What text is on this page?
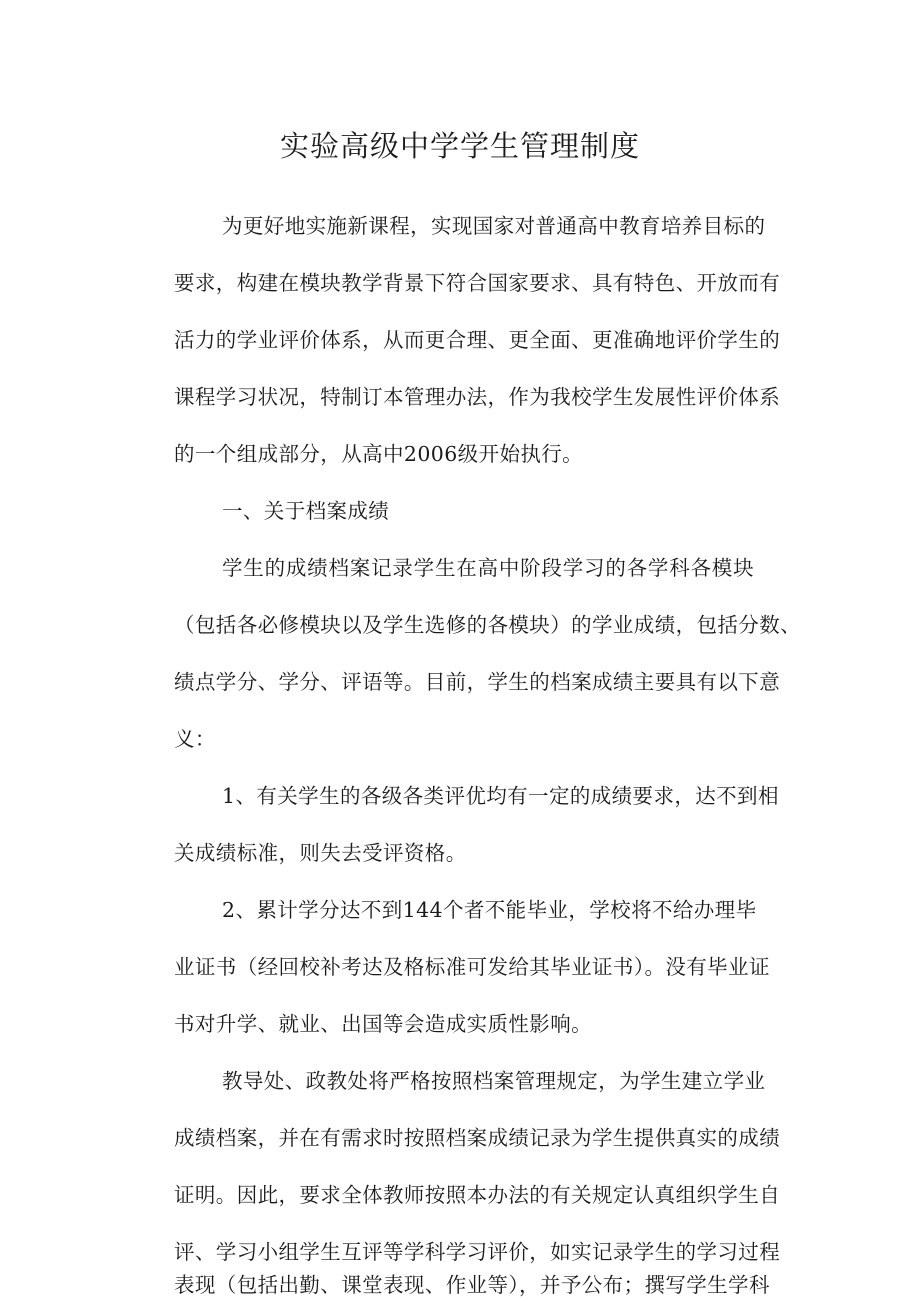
实验高级中学学生管理制度

为更好地实施新课程，实现国家对普通高中教育培养目标的

要求，构建在模块教学背景下符合国家要求、具有特色、开放而有

活力的学业评价体系，从而更合理、更全面、更准确地评价学生的

课程学习状况，特制订本管理办法，作为我校学生发展性评价体系

的一个组成部分，从高中2006级开始执行。

一、关于档案成绩

学生的成绩档案记录学生在高中阶段学习的各学科各模块

（包括各必修模块以及学生选修的各模块）的学业成绩，包括分数、

绩点学分、学分、评语等。目前，学生的档案成绩主要具有以下意

义：

1、有关学生的各级各类评优均有一定的成绩要求，达不到相

关成绩标准，则失去受评资格。

2、累计学分达不到144个者不能毕业，学校将不给办理毕

业证书（经回校补考达及格标准可发给其毕业证书）。没有毕业证

书对升学、就业、出国等会造成实质性影响。

教导处、政教处将严格按照档案管理规定，为学生建立学业

成绩档案，并在有需求时按照档案成绩记录为学生提供真实的成绩

证明。因此，要求全体教师按照本办法的有关规定认真组织学生自

评、学习小组学生互评等学科学习评价，如实记录学生的学习过程

表现（包括出勤、课堂表现、作业等），并予公布；撰写学生学科
